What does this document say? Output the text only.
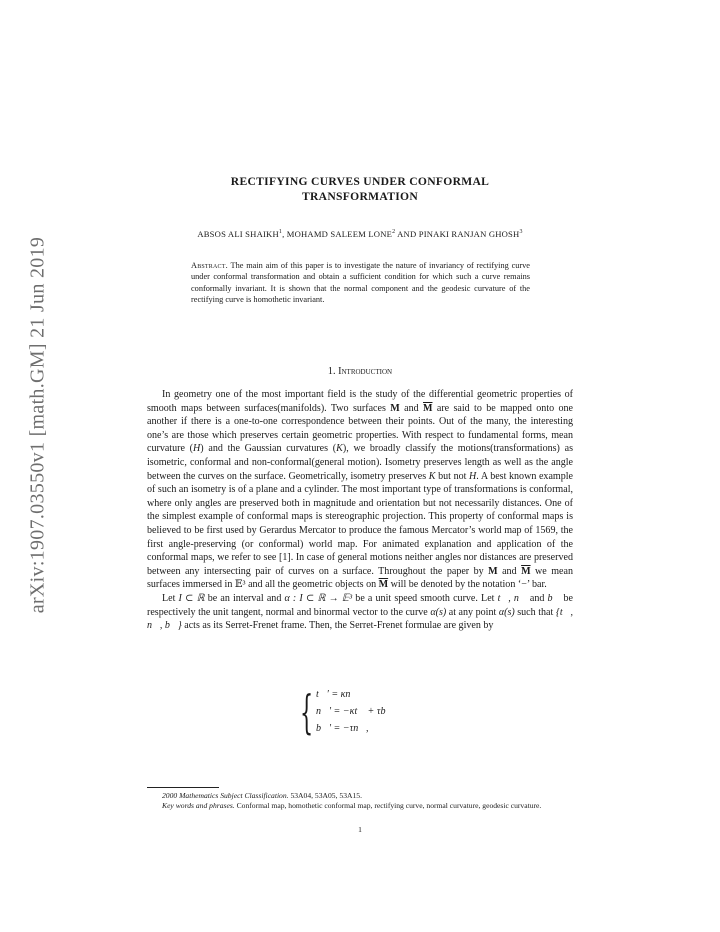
arXiv:1907.03550v1 [math.GM] 21 Jun 2019
RECTIFYING CURVES UNDER CONFORMAL
TRANSFORMATION
ABSOS ALI SHAIKH$^1$, MOHAMD SALEEM LONE$^2$ AND PINAKI RANJAN GHOSH$^3$
Abstract. The main aim of this paper is to investigate the nature of invariancy of rectifying curve under conformal transformation and obtain a sufficient condition for which such a curve remains conformally invariant. It is shown that the normal component and the geodesic curvature of the rectifying curve is homothetic invariant.
1. Introduction

In geometry one of the most important field is the study of the differential geometric properties of smooth maps between surfaces(manifolds). Two surfaces M and $\overline{M}$ are said to be mapped onto one another if there is a one-to-one correspondence between their points. Out of the many, the interesting one’s are those which preserves certain geometric properties. With respect to fundamental forms, mean curvature (H) and the Gaussian curvatures (K), we broadly classify the motions(transformations) as isometric, conformal and non-conformal(general motion). Isometry preserves length as well as the angle between the curves on the surface. Geometrically, isometry preserves K but not H. A best known example of such an isometry is of a plane and a cylinder. The most important type of transformations is conformal, where only angles are preserved both in magnitude and orientation but not necessarily distances. One of the simplest example of conformal maps is stereographic projection. This property of conformal maps is believed to be first used by Gerardus Mercator to produce the famous Mercator’s world map of 1569, the first angle-preserving (or conformal) world map. For animated explanation and application of the conformal maps, we refer to see [1]. In case of general motions neither angles nor distances are preserved between any intersecting pair of curves on a surface. Throughout the paper by M and $\overline{M}$ we mean surfaces immersed in 𝔼³ and all the geometric objects on $\overline{M}$ will be denoted by the notation ‘−’ bar.

Let I ⊂ ℝ be an interval and α : I ⊂ ℝ → 𝔼³ be a unit speed smooth curve. Let t⃗, n⃗ and b⃗ be respectively the unit tangent, normal and binormal vector to the curve α(s) at any point α(s) such that {t⃗, n⃗, b⃗} acts as its Serret-Frenet frame. Then, the Serret-Frenet formulae are given by

{ t⃗′ = κn⃗
n⃗′ = −κt⃗ + τb⃗
b⃗′ = −τn⃗,

2000 Mathematics Subject Classification. 53A04, 53A05, 53A15.

Key words and phrases. Conformal map, homothetic conformal map, rectifying curve, normal curvature, geodesic curvature.

1
